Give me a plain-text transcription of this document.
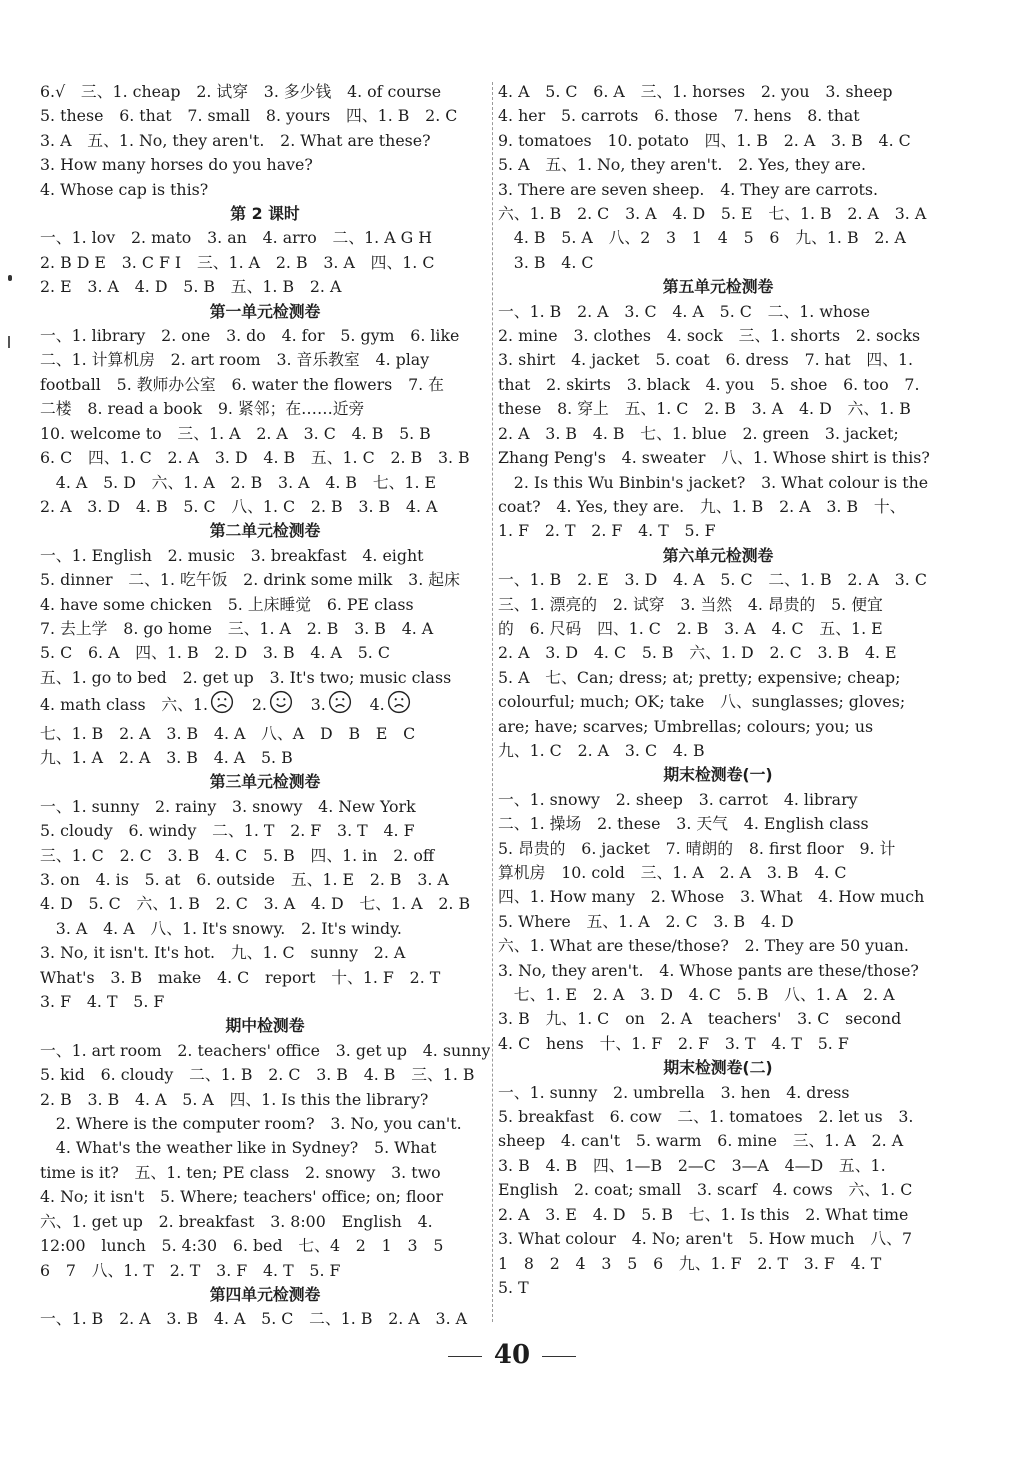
6.√　三、1. cheap　2. 试穿　3. 多少钱　4. of course
5. these　6. that　7. small　8. yours　四、1. B　2. C
3. A　五、1. No, they aren't.　2. What are these?
3. How many horses do you have?
4. Whose cap is this?
第 2 课时
一、1. lov　2. mato　3. an　4. arro　二、1. A G H
2. B D E　3. C F I　三、1. A　2. B　3. A　四、1. C
2. E　3. A　4. D　5. B　五、1. B　2. A
第一单元检测卷
一、1. library　2. one　3. do　4. for　5. gym　6. like
二、1. 计算机房　2. art room　3. 音乐教室　4. play
football　5. 教师办公室　6. water the flowers　7. 在
二楼　8. read a book　9. 紧邻；在……近旁
10. welcome to　三、1. A　2. A　3. C　4. B　5. B
6. C　四、1. C　2. A　3. D　4. B　五、1. C　2. B　3. B
　4. A　5. D　六、1. A　2. B　3. A　4. B　七、1. E
2. A　3. D　4. B　5. C　八、1. C　2. B　3. B　4. A
第二单元检测卷
一、1. English　2. music　3. breakfast　4. eight
5. dinner　二、1. 吃午饭　2. drink some milk　3. 起床
4. have some chicken　5. 上床睡觉　6. PE class
7. 去上学　8. go home　三、1. A　2. B　3. B　4. A
5. C　6. A　四、1. B　2. D　3. B　4. A　5. C
五、1. go to bed　2. get up　3. It's two; music class
4. math class　六、1.　2.　3.　4.
七、1. B　2. A　3. B　4. A　八、A　D　B　E　C
九、1. A　2. A　3. B　4. A　5. B
第三单元检测卷
一、1. sunny　2. rainy　3. snowy　4. New York
5. cloudy　6. windy　二、1. T　2. F　3. T　4. F
三、1. C　2. C　3. B　4. C　5. B　四、1. in　2. off
3. on　4. is　5. at　6. outside　五、1. E　2. B　3. A
4. D　5. C　六、1. B　2. C　3. A　4. D　七、1. A　2. B
　3. A　4. A　八、1. It's snowy.　2. It's windy.
3. No, it isn't. It's hot.　九、1. C　sunny　2. A
What's　3. B　make　4. C　report　十、1. F　2. T
3. F　4. T　5. F
期中检测卷
一、1. art room　2. teachers' office　3. get up　4. sunny
5. kid　6. cloudy　二、1. B　2. C　3. B　4. B　三、1. B
2. B　3. B　4. A　5. A　四、1. Is this the library?
　2. Where is the computer room?　3. No, you can't.
　4. What's the weather like in Sydney?　5. What
time is it?　五、1. ten; PE class　2. snowy　3. two
4. No; it isn't　5. Where; teachers' office; on; floor
六、1. get up　2. breakfast　3. 8:00　English　4.
12:00　lunch　5. 4:30　6. bed　七、4　2　1　3　5
6　7　八、1. T　2. T　3. F　4. T　5. F
第四单元检测卷
一、1. B　2. A　3. B　4. A　5. C　二、1. B　2. A　3. A
4. A　5. C　6. A　三、1. horses　2. you　3. sheep
4. her　5. carrots　6. those　7. hens　8. that
9. tomatoes　10. potato　四、1. B　2. A　3. B　4. C
5. A　五、1. No, they aren't.　2. Yes, they are.
3. There are seven sheep.　4. They are carrots.
六、1. B　2. C　3. A　4. D　5. E　七、1. B　2. A　3. A
　4. B　5. A　八、2　3　1　4　5　6　九、1. B　2. A
　3. B　4. C
第五单元检测卷
一、1. B　2. A　3. C　4. A　5. C　二、1. whose
2. mine　3. clothes　4. sock　三、1. shorts　2. socks
3. shirt　4. jacket　5. coat　6. dress　7. hat　四、1.
that　2. skirts　3. black　4. you　5. shoe　6. too　7.
these　8. 穿上　五、1. C　2. B　3. A　4. D　六、1. B
2. A　3. B　4. B　七、1. blue　2. green　3. jacket;
Zhang Peng's　4. sweater　八、1. Whose shirt is this?
　2. Is this Wu Binbin's jacket?　3. What colour is the
coat?　4. Yes, they are.　九、1. B　2. A　3. B　十、
1. F　2. T　2. F　4. T　5. F
第六单元检测卷
一、1. B　2. E　3. D　4. A　5. C　二、1. B　2. A　3. C
三、1. 漂亮的　2. 试穿　3. 当然　4. 昂贵的　5. 便宜
的　6. 尺码　四、1. C　2. B　3. A　4. C　五、1. E
2. A　3. D　4. C　5. B　六、1. D　2. C　3. B　4. E
5. A　七、Can; dress; at; pretty; expensive; cheap;
colourful; much; OK; take　八、sunglasses; gloves;
are; have; scarves; Umbrellas; colours; you; us
九、1. C　2. A　3. C　4. B
期末检测卷(一)
一、1. snowy　2. sheep　3. carrot　4. library
二、1. 操场　2. these　3. 天气　4. English class
5. 昂贵的　6. jacket　7. 晴朗的　8. first floor　9. 计
算机房　10. cold　三、1. A　2. A　3. B　4. C
四、1. How many　2. Whose　3. What　4. How much
5. Where　五、1. A　2. C　3. B　4. D
六、1. What are these/those?　2. They are 50 yuan.
3. No, they aren't.　4. Whose pants are these/those?
　七、1. E　2. A　3. D　4. C　5. B　八、1. A　2. A
3. B　九、1. C　on　2. A　teachers'　3. C　second
4. C　hens　十、1. F　2. F　3. T　4. T　5. F
期末检测卷(二)
一、1. sunny　2. umbrella　3. hen　4. dress
5. breakfast　6. cow　二、1. tomatoes　2. let us　3.
sheep　4. can't　5. warm　6. mine　三、1. A　2. A
3. B　4. B　四、1—B　2—C　3—A　4—D　五、1.
English　2. coat; small　3. scarf　4. cows　六、1. C
2. A　3. E　4. D　5. B　七、1. Is this　2. What time
3. What colour　4. No; aren't　5. How much　八、7
1　8　2　4　3　5　6　九、1. F　2. T　3. F　4. T
5. T
40
